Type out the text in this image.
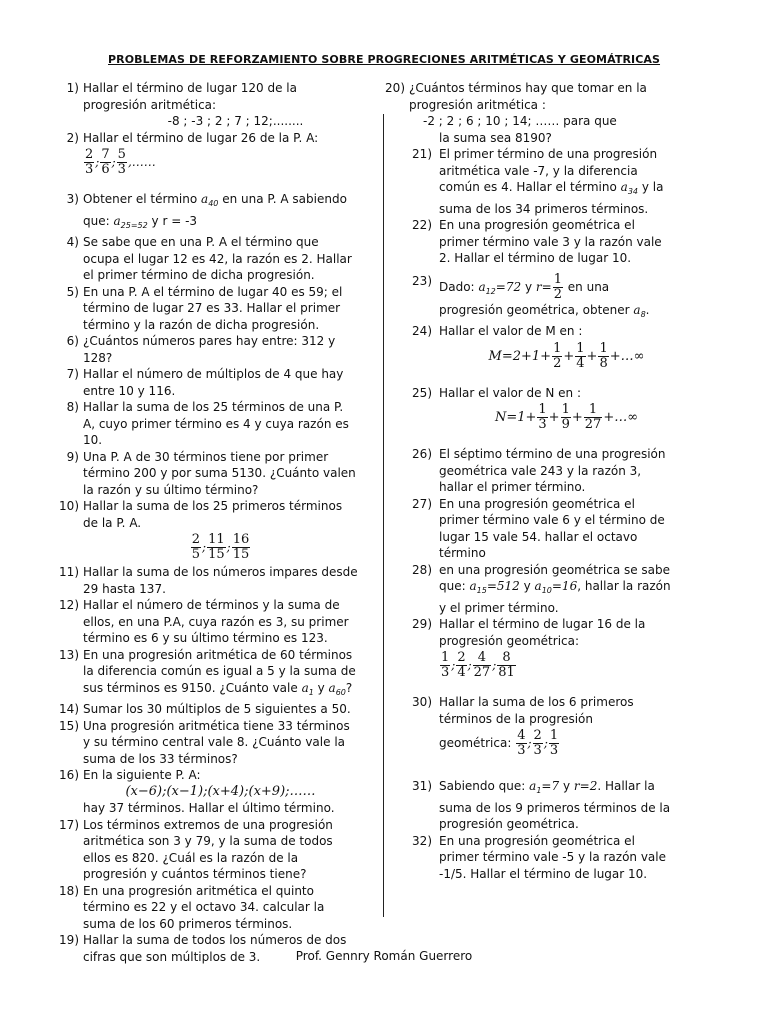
PROBLEMAS DE REFORZAMIENTO SOBRE PROGRECIONES ARITMÉTICAS Y GEOMÁTRICAS
1) Hallar el término de lugar 120 de la progresión aritmética:
-8 ; -3 ; 2 ; 7 ; 12;........
2) Hallar el término de lugar 26 de la P. A:
$\frac{2}{3}$ ; $\frac{7}{6}$ ; $\frac{5}{3}$ ,……
3) Obtener el término $a_{40}$ en una P. A sabiendo que: $a_{25=52}$ y r = -3
4) Se sabe que en una P. A el término que ocupa el lugar 12 es 42, la razón es 2. Hallar el primer término de dicha progresión.
5) En una P. A el término de lugar 40 es 59; el término de lugar 27 es 33. Hallar el primer término y la razón de dicha progresión.
6) ¿Cuántos números pares hay entre: 312 y 128?
7) Hallar el número de múltiplos de 4 que hay entre 10 y 116.
8) Hallar la suma de los 25 términos de una P. A, cuyo primer término es 4 y cuya razón es 10.
9) Una P. A de 30 términos tiene por primer término 200 y por suma 5130. ¿Cuánto valen la razón y su último término?
10) Hallar la suma de los 25 primeros términos de la P. A.
$\frac{2}{5}$ ; $\frac{11}{15}$ ; $\frac{16}{15}$
11) Hallar la suma de los números impares desde 29 hasta 137.
12) Hallar el número de términos y la suma de ellos, en una P.A, cuya razón es 3, su primer término es 6 y su último término es 123.
13) En una progresión aritmética de 60 términos la diferencia común es igual a 5 y la suma de sus términos es 9150. ¿Cuánto vale $a_1$ y $a_{60}$?
14) Sumar los 30 múltiplos de 5 siguientes a 50.
15) Una progresión aritmética tiene 33 términos y su término central vale 8. ¿Cuánto vale la suma de los 33 términos?
16) En la siguiente P. A:
(x−6);(x−1);(x+4);(x+9);……
hay 37 términos. Hallar el último término.
17) Los términos extremos de una progresión aritmética son 3 y 79, y la suma de todos ellos es 820. ¿Cuál es la razón de la progresión y cuántos términos tiene?
18) En una progresión aritmética el quinto término es 22 y el octavo 34. calcular la suma de los 60 primeros términos.
19) Hallar la suma de todos los números de dos cifras que son múltiplos de 3.
20) ¿Cuántos términos hay que tomar en la progresión aritmética :
-2 ; 2 ; 6 ; 10 ; 14; …… para que
la suma sea 8190?
21) El primer término de una progresión aritmética vale -7, y la diferencia común es 4. Hallar el término $a_{34}$ y la suma de los 34 primeros términos.
22) En una progresión geométrica el primer término vale 3 y la razón vale 2. Hallar el término de lugar 10.
23) Dado: $a_{12}=72$ y $r= \frac{1}{2}$ en una
progresión geométrica, obtener $a_8$.
24) Hallar el valor de M en :
$M=2+1+ \frac{1}{2} + \frac{1}{4} + \frac{1}{8}$ +…∞
25) Hallar el valor de N en :
$N=1+ \frac{1}{3} + \frac{1}{9} + \frac{1}{27}$ +…∞
26) El séptimo término de una progresión geométrica vale 243 y la razón 3, hallar el primer término.
27) En una progresión geométrica el primer término vale 6 y el término de lugar 15 vale 54. hallar el octavo término
28) en una progresión geométrica se sabe que: $a_{15}=512$ y $a_{10}=16$, hallar la razón y el primer término.
29) Hallar el término de lugar 16 de la progresión geométrica:
$\frac{1}{3}$ ; $\frac{2}{4}$ ; $\frac{4}{27}$ ; $\frac{8}{81}$
30) Hallar la suma de los 6 primeros términos de la progresión
geométrica: $\frac{4}{3}$ ; $\frac{2}{3}$ ; $\frac{1}{3}$
31) Sabiendo que: $a_1=7$ y r=2. Hallar la suma de los 9 primeros términos de la progresión geométrica.
32) En una progresión geométrica el primer término vale -5 y la razón vale -1/5. Hallar el término de lugar 10.
Prof. Gennry Román Guerrero
